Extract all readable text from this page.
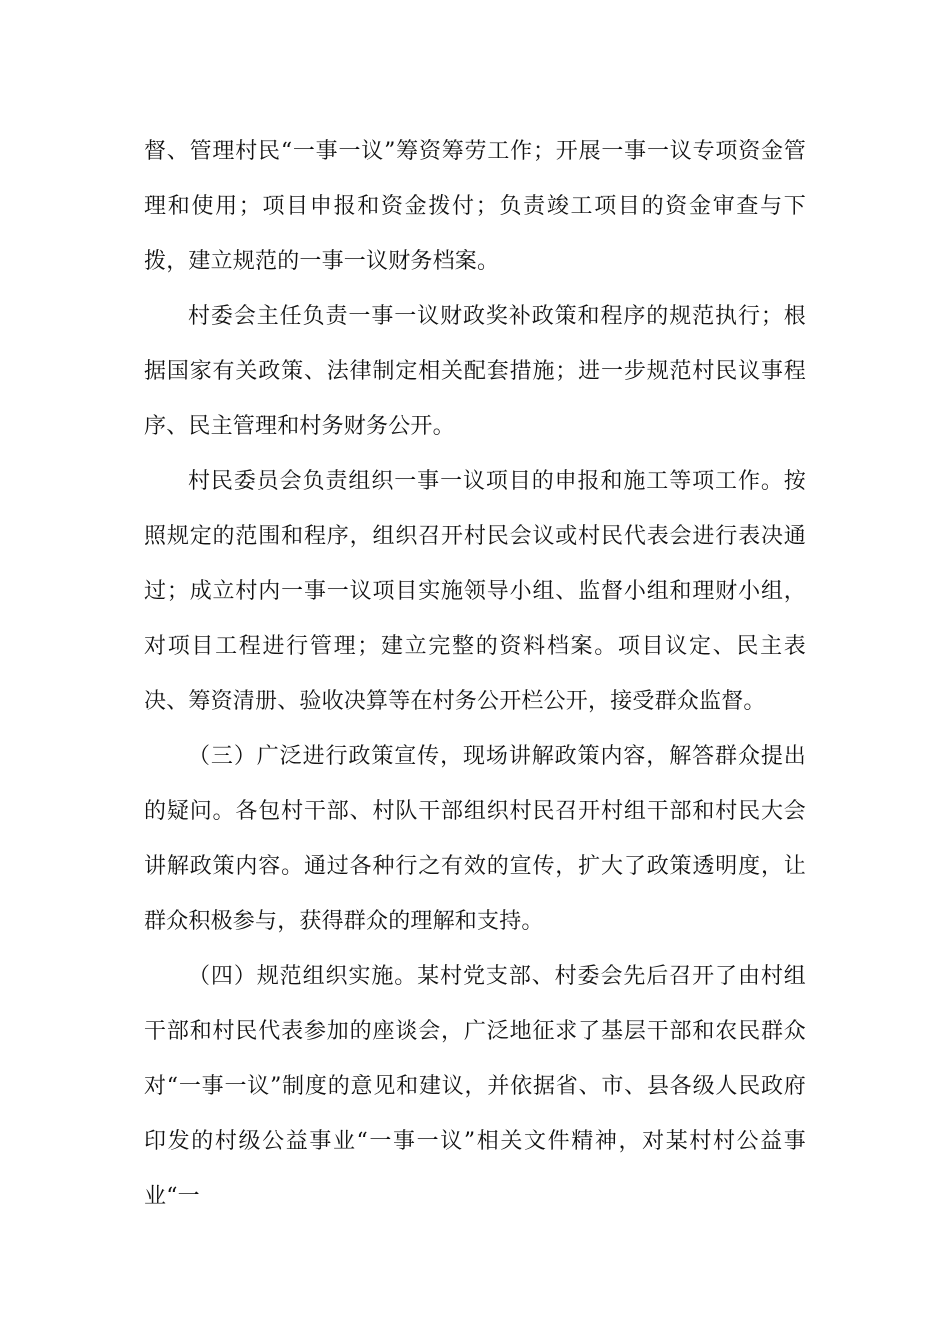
督、管理村民“一事一议”筹资筹劳工作；开展一事一议专项资金管理和使用；项目申报和资金拨付；负责竣工项目的资金审查与下拨，建立规范的一事一议财务档案。

村委会主任负责一事一议财政奖补政策和程序的规范执行；根据国家有关政策、法律制定相关配套措施；进一步规范村民议事程序、民主管理和村务财务公开。

村民委员会负责组织一事一议项目的申报和施工等项工作。按照规定的范围和程序，组织召开村民会议或村民代表会进行表决通过；成立村内一事一议项目实施领导小组、监督小组和理财小组，对项目工程进行管理；建立完整的资料档案。项目议定、民主表决、筹资清册、验收决算等在村务公开栏公开，接受群众监督。

（三）广泛进行政策宣传，现场讲解政策内容，解答群众提出的疑问。各包村干部、村队干部组织村民召开村组干部和村民大会讲解政策内容。通过各种行之有效的宣传，扩大了政策透明度，让群众积极参与，获得群众的理解和支持。

（四）规范组织实施。某村党支部、村委会先后召开了由村组干部和村民代表参加的座谈会，广泛地征求了基层干部和农民群众对“一事一议”制度的意见和建议，并依据省、市、县各级人民政府印发的村级公益事业“一事一议”相关文件精神，对某村村公益事业“一
